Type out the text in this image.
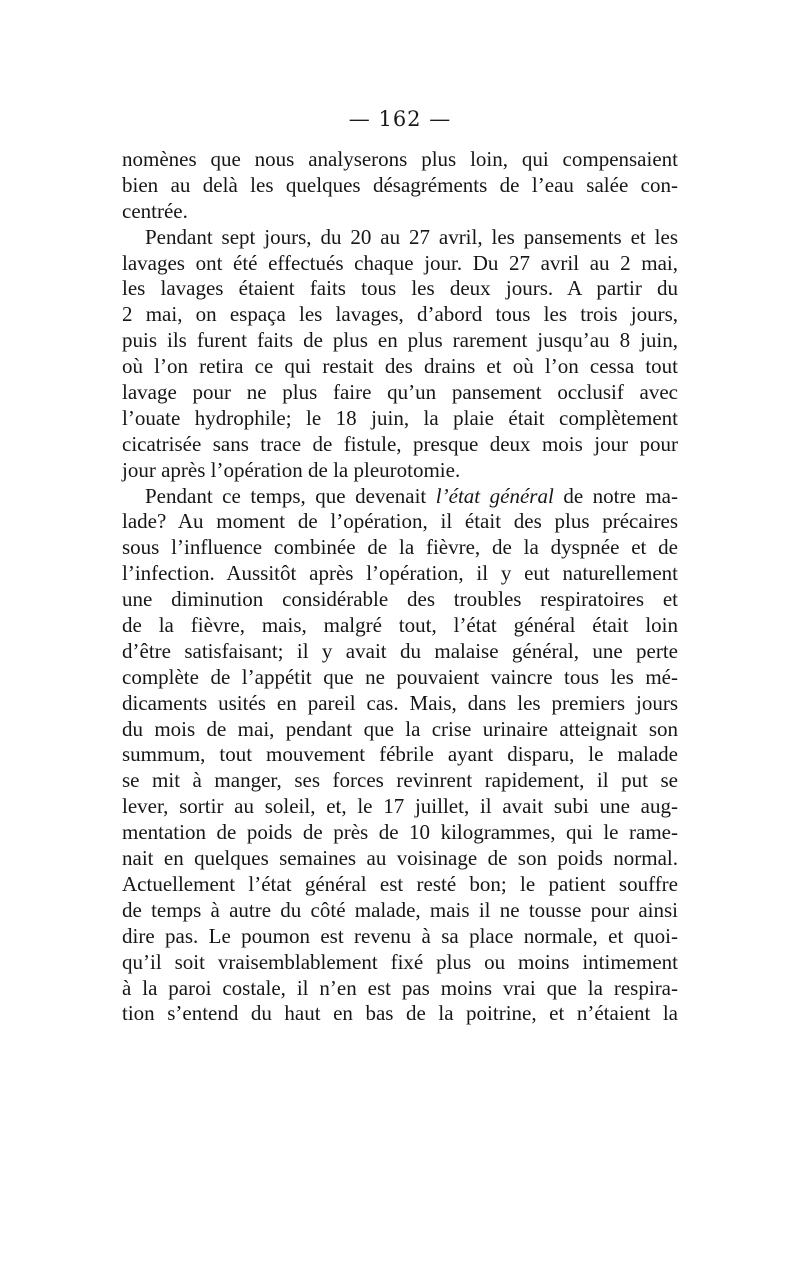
— 162 —
nomènes que nous analyserons plus loin, qui compensaient
bien au delà les quelques désagréments de l’eau salée con-
centrée.
Pendant sept jours, du 20 au 27 avril, les pansements et les
lavages ont été effectués chaque jour. Du 27 avril au 2 mai,
les lavages étaient faits tous les deux jours. A partir du
2 mai, on espaça les lavages, d’abord tous les trois jours,
puis ils furent faits de plus en plus rarement jusqu’au 8 juin,
où l’on retira ce qui restait des drains et où l’on cessa tout
lavage pour ne plus faire qu’un pansement occlusif avec
l’ouate hydrophile; le 18 juin, la plaie était complètement
cicatrisée sans trace de fistule, presque deux mois jour pour
jour après l’opération de la pleurotomie.
Pendant ce temps, que devenait l’état général de notre ma-
lade? Au moment de l’opération, il était des plus précaires
sous l’influence combinée de la fièvre, de la dyspnée et de
l’infection. Aussitôt après l’opération, il y eut naturellement
une diminution considérable des troubles respiratoires et
de la fièvre, mais, malgré tout, l’état général était loin
d’être satisfaisant; il y avait du malaise général, une perte
complète de l’appétit que ne pouvaient vaincre tous les mé-
dicaments usités en pareil cas. Mais, dans les premiers jours
du mois de mai, pendant que la crise urinaire atteignait son
summum, tout mouvement fébrile ayant disparu, le malade
se mit à manger, ses forces revinrent rapidement, il put se
lever, sortir au soleil, et, le 17 juillet, il avait subi une aug-
mentation de poids de près de 10 kilogrammes, qui le rame-
nait en quelques semaines au voisinage de son poids normal.
Actuellement l’état général est resté bon; le patient souffre
de temps à autre du côté malade, mais il ne tousse pour ainsi
dire pas. Le poumon est revenu à sa place normale, et quoi-
qu’il soit vraisemblablement fixé plus ou moins intimement
à la paroi costale, il n’en est pas moins vrai que la respira-
tion s’entend du haut en bas de la poitrine, et n’étaient la
